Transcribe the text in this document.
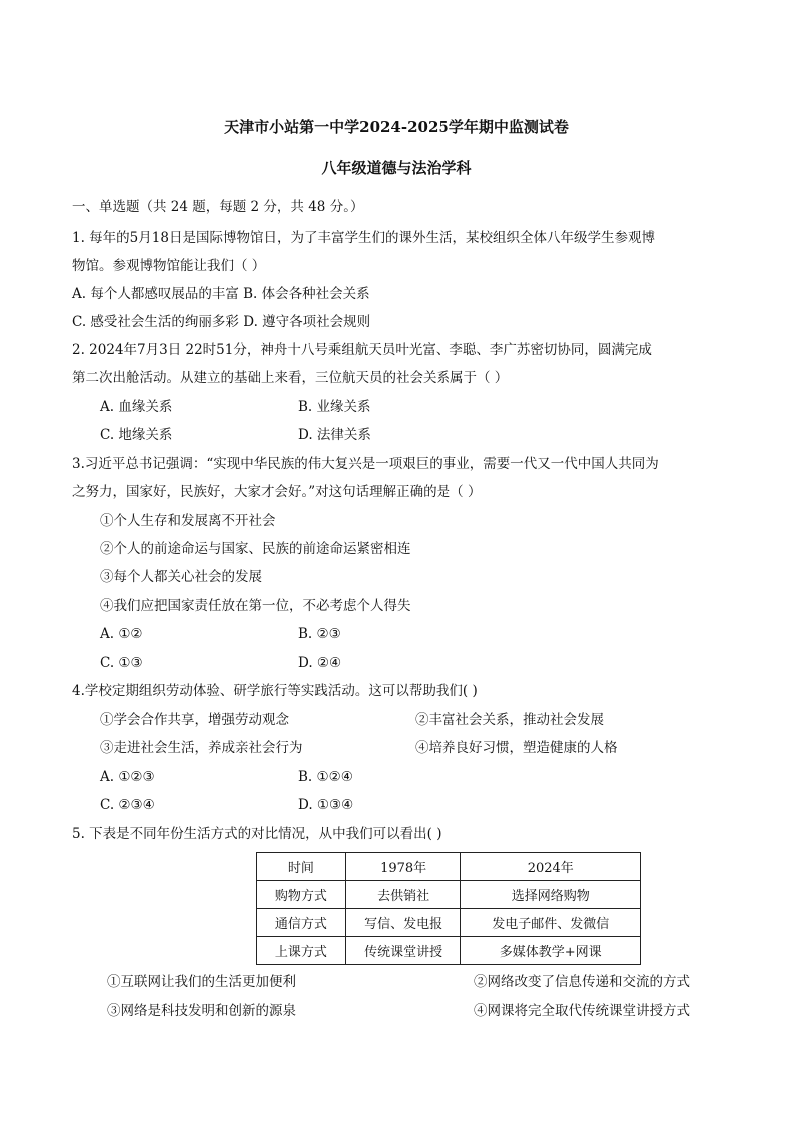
天津市小站第一中学2024-2025学年期中监测试卷
八年级道德与法治学科
一、单选题（共 24 题，每题 2 分，共 48 分。）
1. 每年的5月18日是国际博物馆日，为了丰富学生们的课外生活，某校组织全体八年级学生参观博
物馆。参观博物馆能让我们（ ）
A. 每个人都感叹展品的丰富 B. 体会各种社会关系
C. 感受社会生活的绚丽多彩 D. 遵守各项社会规则
2. 2024年7月3日 22时51分，神舟十八号乘组航天员叶光富、李聪、李广苏密切协同，圆满完成
第二次出舱活动。从建立的基础上来看，三位航天员的社会关系属于（ ）
A. 血缘关系	B. 业缘关系
C. 地缘关系	D. 法律关系
3.习近平总书记强调：“实现中华民族的伟大复兴是一项艰巨的事业，需要一代又一代中国人共同为
之努力，国家好，民族好，大家才会好。”对这句话理解正确的是（ ）
①个人生存和发展离不开社会
②个人的前途命运与国家、民族的前途命运紧密相连
③每个人都关心社会的发展
④我们应把国家责任放在第一位，不必考虑个人得失
A. ①②	B. ②③
C. ①③	D. ②④
4.学校定期组织劳动体验、研学旅行等实践活动。这可以帮助我们( )
①学会合作共享，增强劳动观念	②丰富社会关系，推动社会发展
③走进社会生活，养成亲社会行为	④培养良好习惯，塑造健康的人格
A. ①②③	B. ①②④
C. ②③④	D. ①③④
5. 下表是不同年份生活方式的对比情况，从中我们可以看出( )
时间	1978年	2024年
购物方式	去供销社	选择网络购物
通信方式	写信、发电报	发电子邮件、发微信
上课方式	传统课堂讲授	多媒体教学+网课
①互联网让我们的生活更加便利	②网络改变了信息传递和交流的方式
③网络是科技发明和创新的源泉	④网课将完全取代传统课堂讲授方式
